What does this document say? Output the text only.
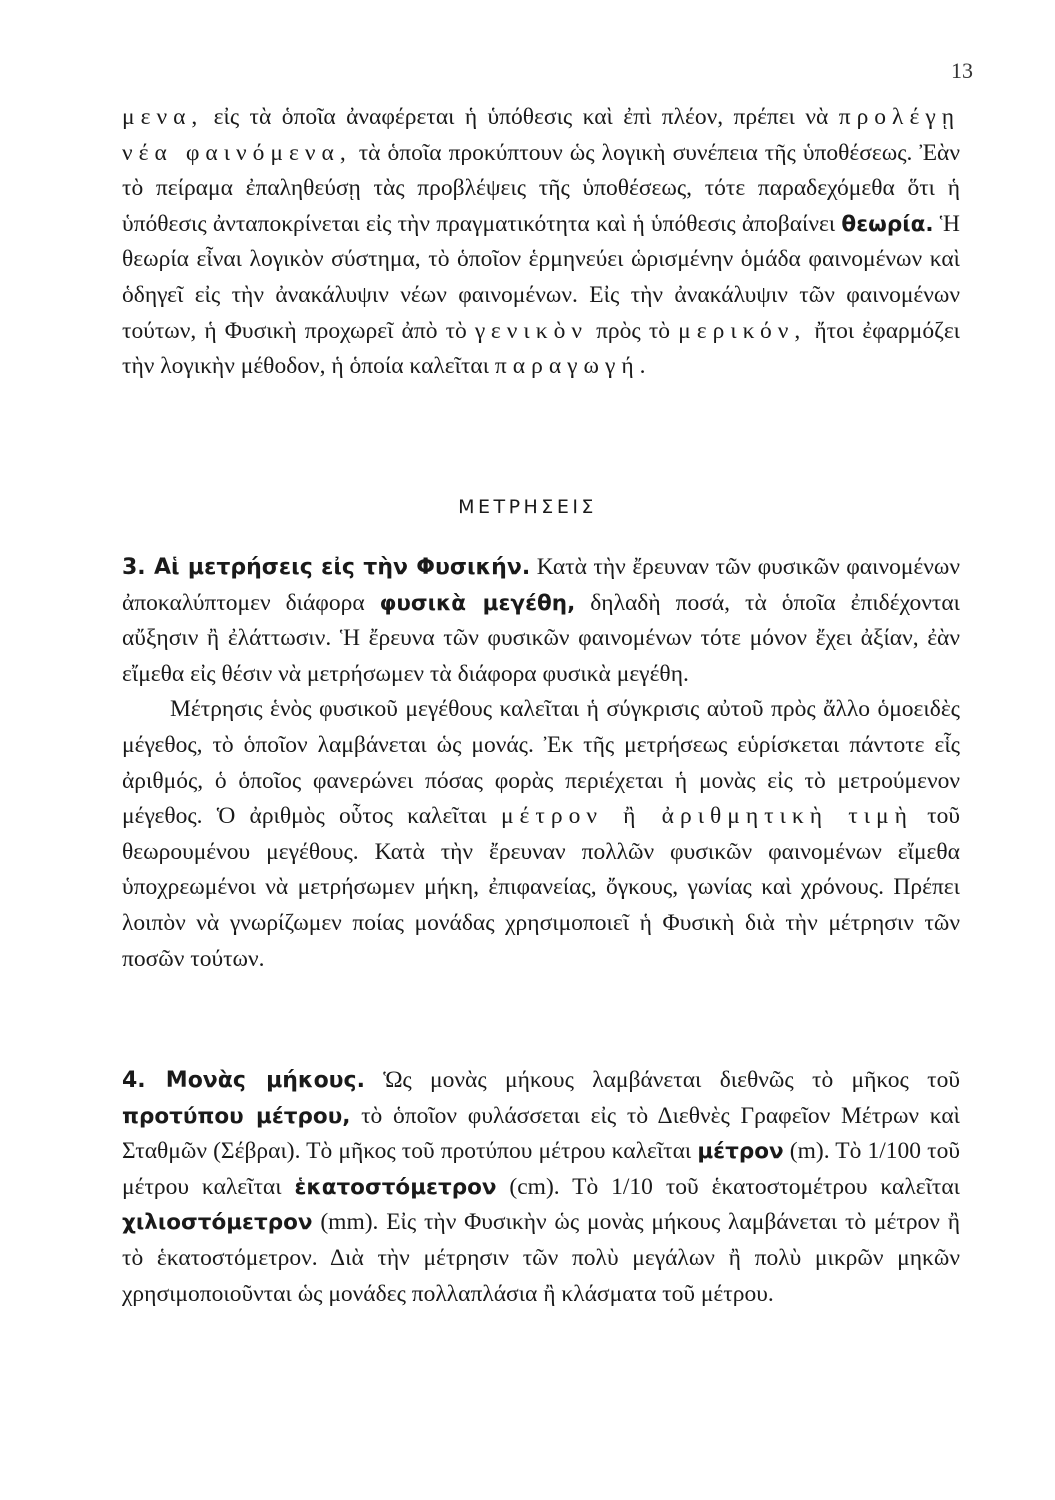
13

μενα, εἰς τὰ ὁποῖα ἀναφέρεται ἡ ὑπόθεσις καὶ ἐπὶ πλέον, πρέπει νὰ προλέγῃ νέα φαινόμενα, τὰ ὁποῖα προκύπτουν ὡς λογικὴ συνέπεια τῆς ὑποθέσεως. Ἐὰν τὸ πείραμα ἐπαληθεύσῃ τὰς προβλέψεις τῆς ὑποθέσεως, τότε παραδεχόμεθα ὅτι ἡ ὑπόθεσις ἀνταποκρίνεται εἰς τὴν πραγματικότητα καὶ ἡ ὑπόθεσις ἀποβαίνει θεωρία. Ἡ θεωρία εἶναι λογικὸν σύστημα, τὸ ὁποῖον ἑρμηνεύει ὡρισμένην ὁμάδα φαινομένων καὶ ὁδηγεῖ εἰς τὴν ἀνακάλυψιν νέων φαινομένων. Εἰς τὴν ἀνακάλυψιν τῶν φαινομένων τούτων, ἡ Φυσικὴ προχωρεῖ ἀπὸ τὸ γενικὸν πρὸς τὸ μερικόν, ἤτοι ἐφαρμόζει τὴν λογικὴν μέθοδον, ἡ ὁποία καλεῖται παραγωγή.

ΜΕΤΡΗΣΕΙΣ

3. Αἱ μετρήσεις εἰς τὴν Φυσικήν. Κατὰ τὴν ἔρευναν τῶν φυσικῶν φαινομένων ἀποκαλύπτομεν διάφορα φυσικὰ μεγέθη, δηλαδὴ ποσά, τὰ ὁποῖα ἐπιδέχονται αὔξησιν ἢ ἐλάττωσιν. Ἡ ἔρευνα τῶν φυσικῶν φαινομένων τότε μόνον ἔχει ἀξίαν, ἐὰν εἴμεθα εἰς θέσιν νὰ μετρήσωμεν τὰ διάφορα φυσικὰ μεγέθη.

Μέτρησις ἑνὸς φυσικοῦ μεγέθους καλεῖται ἡ σύγκρισις αὐτοῦ πρὸς ἄλλο ὁμοειδὲς μέγεθος, τὸ ὁποῖον λαμβάνεται ὡς μονάς. Ἐκ τῆς μετρήσεως εὑρίσκεται πάντοτε εἷς ἀριθμός, ὁ ὁποῖος φανερώνει πόσας φορὰς περιέχεται ἡ μονὰς εἰς τὸ μετρούμενον μέγεθος. Ὁ ἀριθμὸς οὗτος καλεῖται μέτρον ἢ ἀριθμητικὴ τιμὴ τοῦ θεωρουμένου μεγέθους. Κατὰ τὴν ἔρευναν πολλῶν φυσικῶν φαινομένων εἴμεθα ὑποχρεωμένοι νὰ μετρήσωμεν μήκη, ἐπιφανείας, ὄγκους, γωνίας καὶ χρόνους. Πρέπει λοιπὸν νὰ γνωρίζωμεν ποίας μονάδας χρησιμοποιεῖ ἡ Φυσικὴ διὰ τὴν μέτρησιν τῶν ποσῶν τούτων.

4. Μονὰς μήκους. Ὡς μονὰς μήκους λαμβάνεται διεθνῶς τὸ μῆκος τοῦ προτύπου μέτρου, τὸ ὁποῖον φυλάσσεται εἰς τὸ Διεθνὲς Γραφεῖον Μέτρων καὶ Σταθμῶν (Σέβραι). Τὸ μῆκος τοῦ προτύπου μέτρου καλεῖται μέτρον (m). Τὸ 1/100 τοῦ μέτρου καλεῖται ἑκατοστόμετρον (cm). Τὸ 1/10 τοῦ ἑκατοστομέτρου καλεῖται χιλιοστόμετρον (mm). Εἰς τὴν Φυσικὴν ὡς μονὰς μήκους λαμβάνεται τὸ μέτρον ἢ τὸ ἑκατοστόμετρον. Διὰ τὴν μέτρησιν τῶν πολὺ μεγάλων ἢ πολὺ μικρῶν μηκῶν χρησιμοποιοῦνται ὡς μονάδες πολλαπλάσια ἢ κλάσματα τοῦ μέτρου.
